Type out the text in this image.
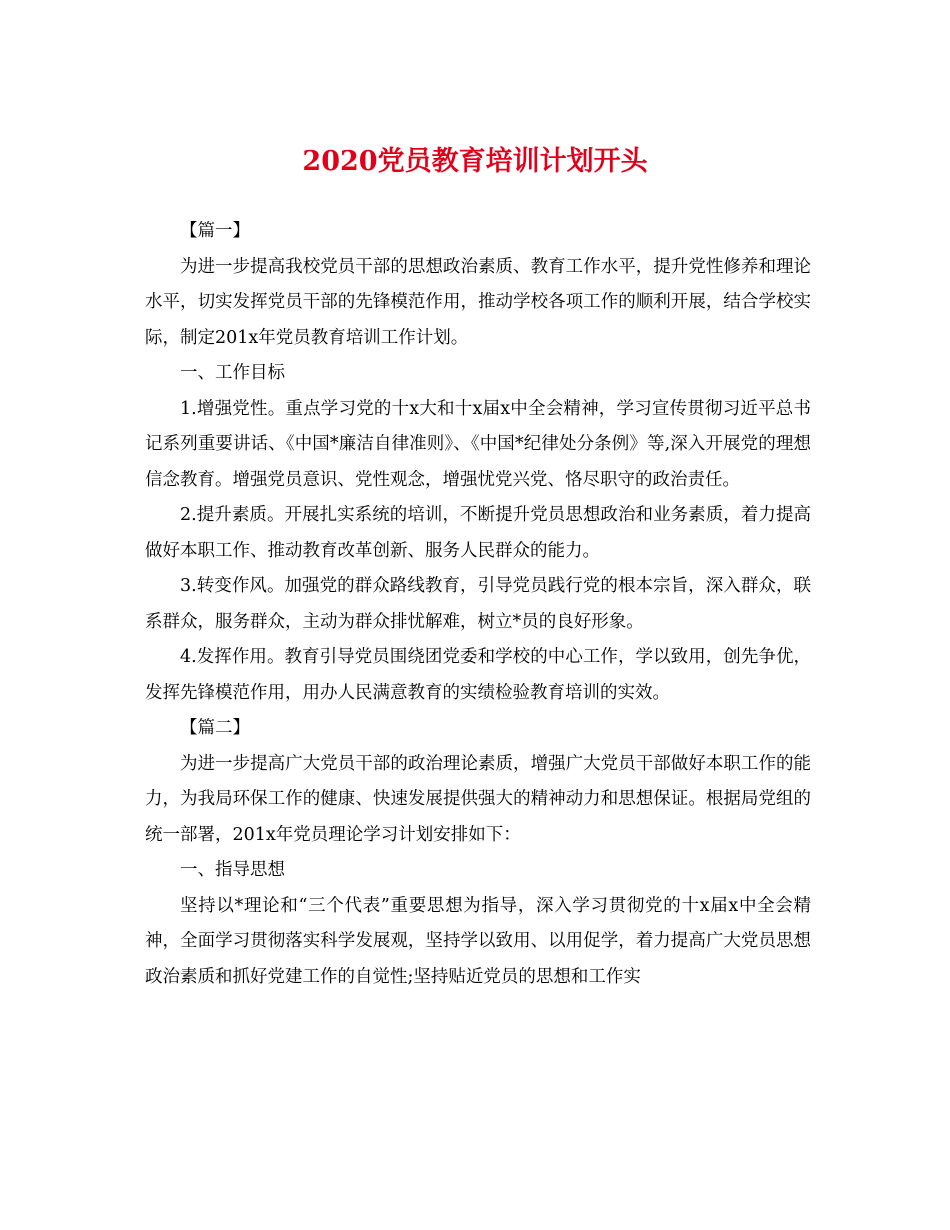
2020党员教育培训计划开头

【篇一】

为进一步提高我校党员干部的思想政治素质、教育工作水平，提升党性修养和理论水平，切实发挥党员干部的先锋模范作用，推动学校各项工作的顺利开展，结合学校实际，制定201x年党员教育培训工作计划。

一、工作目标

1.增强党性。重点学习党的十x大和十x届x中全会精神，学习宣传贯彻习近平总书记系列重要讲话、《中国*廉洁自律准则》、《中国*纪律处分条例》等,深入开展党的理想信念教育。增强党员意识、党性观念，增强忧党兴党、恪尽职守的政治责任。

2.提升素质。开展扎实系统的培训，不断提升党员思想政治和业务素质，着力提高做好本职工作、推动教育改革创新、服务人民群众的能力。

3.转变作风。加强党的群众路线教育，引导党员践行党的根本宗旨，深入群众，联系群众，服务群众，主动为群众排忧解难，树立*员的良好形象。

4.发挥作用。教育引导党员围绕团党委和学校的中心工作，学以致用，创先争优，发挥先锋模范作用，用办人民满意教育的实绩检验教育培训的实效。

【篇二】

为进一步提高广大党员干部的政治理论素质，增强广大党员干部做好本职工作的能力，为我局环保工作的健康、快速发展提供强大的精神动力和思想保证。根据局党组的统一部署，201x年党员理论学习计划安排如下：

一、指导思想

坚持以*理论和“三个代表”重要思想为指导，深入学习贯彻党的十x届x中全会精神，全面学习贯彻落实科学发展观，坚持学以致用、以用促学，着力提高广大党员思想政治素质和抓好党建工作的自觉性;坚持贴近党员的思想和工作实
